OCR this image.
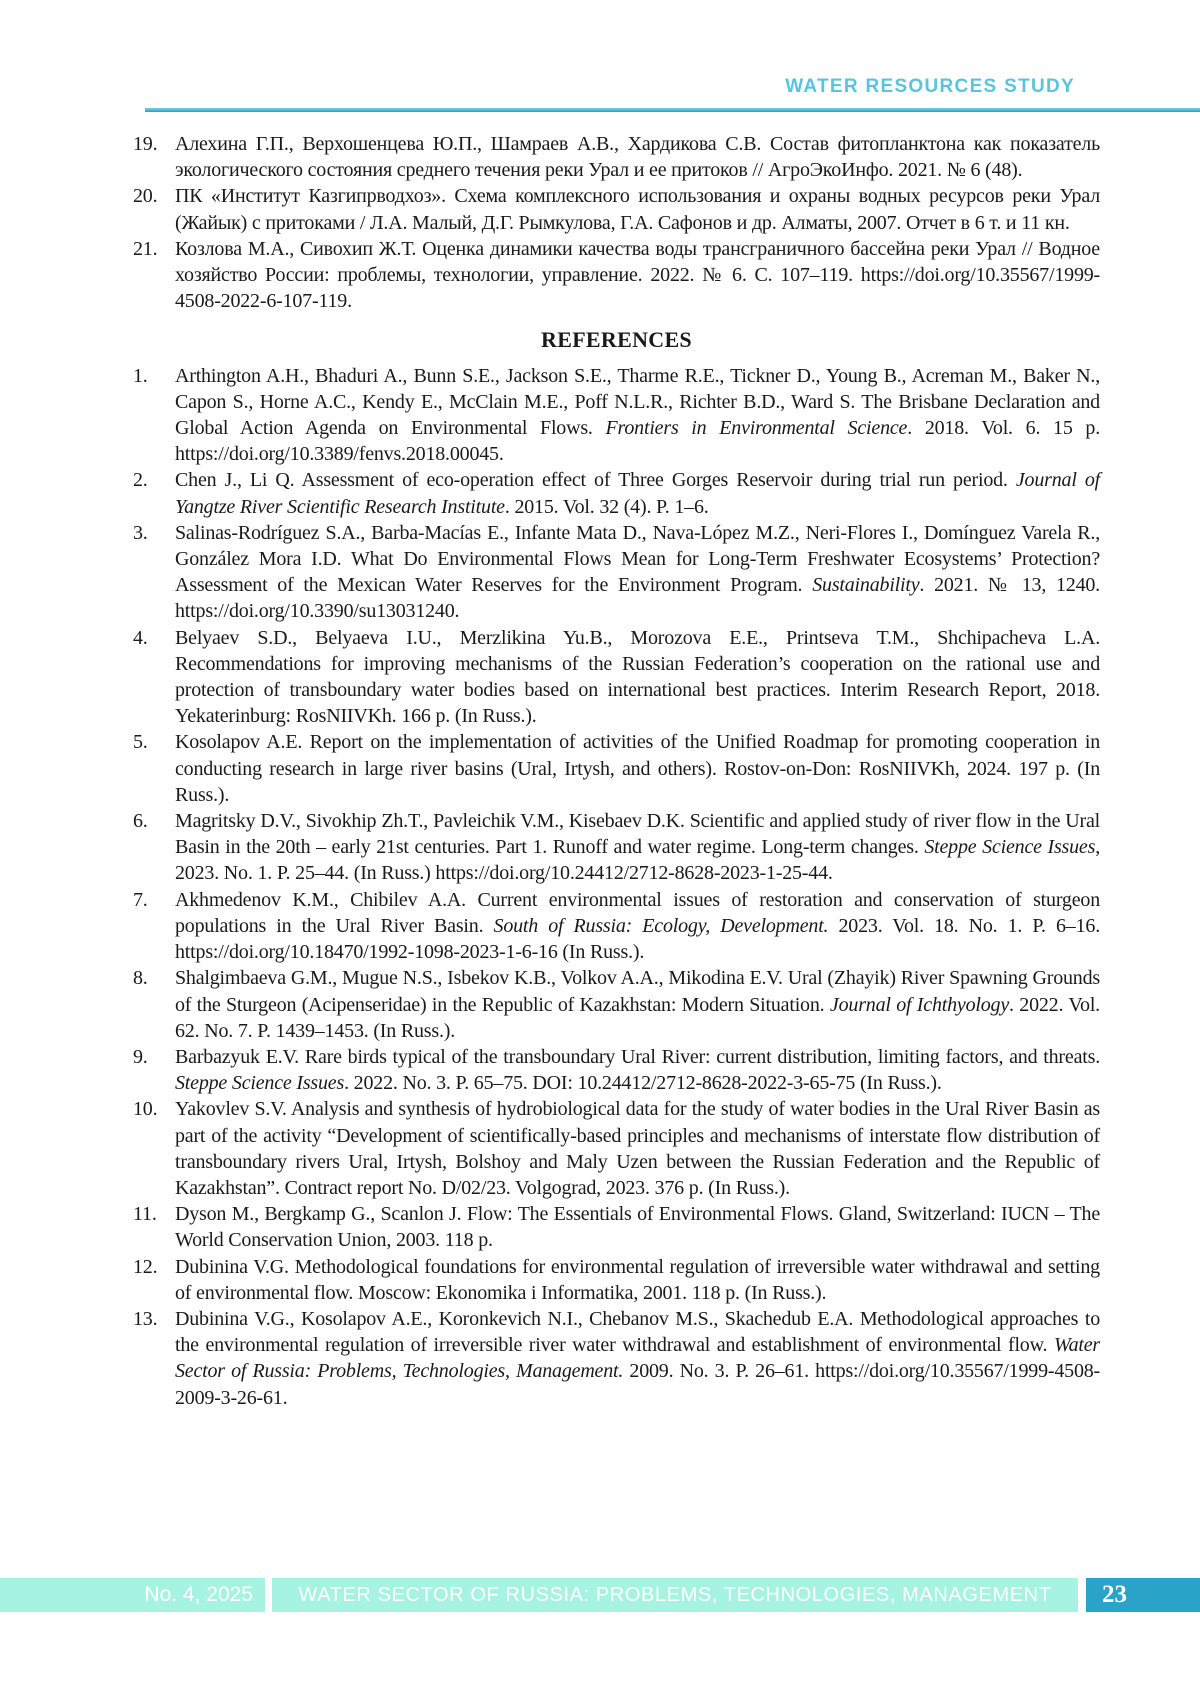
WATER RESOURCES STUDY
19. Алехина Г.П., Верхошенцева Ю.П., Шамраев А.В., Хардикова С.В. Состав фитопланктона как показатель экологического состояния среднего течения реки Урал и ее притоков // АгроЭкоИнфо. 2021. № 6 (48).
20. ПК «Институт Казгипрводхоз». Схема комплексного использования и охраны водных ресурсов реки Урал (Жайык) с притоками / Л.А. Малый, Д.Г. Рымкулова, Г.А. Сафонов и др. Алматы, 2007. Отчет в 6 т. и 11 кн.
21. Козлова М.А., Сивохип Ж.Т. Оценка динамики качества воды трансграничного бассейна реки Урал // Водное хозяйство России: проблемы, технологии, управление. 2022. № 6. С. 107–119. https://doi.org/10.35567/1999-4508-2022-6-107-119.
REFERENCES
1. Arthington A.H., Bhaduri A., Bunn S.E., Jackson S.E., Tharme R.E., Tickner D., Young B., Acreman M., Baker N., Capon S., Horne A.C., Kendy E., McClain M.E., Poff N.L.R., Richter B.D., Ward S. The Brisbane Declaration and Global Action Agenda on Environmental Flows. Frontiers in Environmental Science. 2018. Vol. 6. 15 p. https://doi.org/10.3389/fenvs.2018.00045.
2. Chen J., Li Q. Assessment of eco-operation effect of Three Gorges Reservoir during trial run period. Journal of Yangtze River Scientific Research Institute. 2015. Vol. 32 (4). P. 1–6.
3. Salinas-Rodríguez S.A., Barba-Macías E., Infante Mata D., Nava-López M.Z., Neri-Flores I., Domínguez Varela R., González Mora I.D. What Do Environmental Flows Mean for Long-Term Freshwater Ecosystems’ Protection? Assessment of the Mexican Water Reserves for the Environment Program. Sustainability. 2021. № 13, 1240. https://doi.org/10.3390/su13031240.
4. Belyaev S.D., Belyaeva I.U., Merzlikina Yu.B., Morozova E.E., Printseva T.M., Shchipacheva L.A. Recommendations for improving mechanisms of the Russian Federation’s cooperation on the rational use and protection of transboundary water bodies based on international best practices. Interim Research Report, 2018. Yekaterinburg: RosNIIVKh. 166 p. (In Russ.).
5. Kosolapov A.E. Report on the implementation of activities of the Unified Roadmap for promoting cooperation in conducting research in large river basins (Ural, Irtysh, and others). Rostov-on-Don: RosNIIVKh, 2024. 197 p. (In Russ.).
6. Magritsky D.V., Sivokhip Zh.T., Pavleichik V.M., Kisebaev D.K. Scientific and applied study of river flow in the Ural Basin in the 20th – early 21st centuries. Part 1. Runoff and water regime. Long-term changes. Steppe Science Issues, 2023. No. 1. P. 25–44. (In Russ.) https://doi.org/10.24412/2712-8628-2023-1-25-44.
7. Akhmedenov K.M., Chibilev A.A. Current environmental issues of restoration and conservation of sturgeon populations in the Ural River Basin. South of Russia: Ecology, Development. 2023. Vol. 18. No. 1. P. 6–16. https://doi.org/10.18470/1992-1098-2023-1-6-16 (In Russ.).
8. Shalgimbaeva G.M., Mugue N.S., Isbekov K.B., Volkov A.A., Mikodina E.V. Ural (Zhayik) River Spawning Grounds of the Sturgeon (Acipenseridae) in the Republic of Kazakhstan: Modern Situation. Journal of Ichthyology. 2022. Vol. 62. No. 7. P. 1439–1453. (In Russ.).
9. Barbazyuk E.V. Rare birds typical of the transboundary Ural River: current distribution, limiting factors, and threats. Steppe Science Issues. 2022. No. 3. P. 65–75. DOI: 10.24412/2712-8628-2022-3-65-75 (In Russ.).
10. Yakovlev S.V. Analysis and synthesis of hydrobiological data for the study of water bodies in the Ural River Basin as part of the activity “Development of scientifically-based principles and mechanisms of interstate flow distribution of transboundary rivers Ural, Irtysh, Bolshoy and Maly Uzen between the Russian Federation and the Republic of Kazakhstan”. Contract report No. D/02/23. Volgograd, 2023. 376 p. (In Russ.).
11. Dyson M., Bergkamp G., Scanlon J. Flow: The Essentials of Environmental Flows. Gland, Switzerland: IUCN – The World Conservation Union, 2003. 118 p.
12. Dubinina V.G. Methodological foundations for environmental regulation of irreversible water withdrawal and setting of environmental flow. Moscow: Ekonomika i Informatika, 2001. 118 p. (In Russ.).
13. Dubinina V.G., Kosolapov A.E., Koronkevich N.I., Chebanov M.S., Skachedub E.A. Methodological approaches to the environmental regulation of irreversible river water withdrawal and establishment of environmental flow. Water Sector of Russia: Problems, Technologies, Management. 2009. No. 3. P. 26–61. https://doi.org/10.35567/1999-4508-2009-3-26-61.
No. 4, 2025	WATER SECTOR OF RUSSIA: PROBLEMS, TECHNOLOGIES, MANAGEMENT	23
